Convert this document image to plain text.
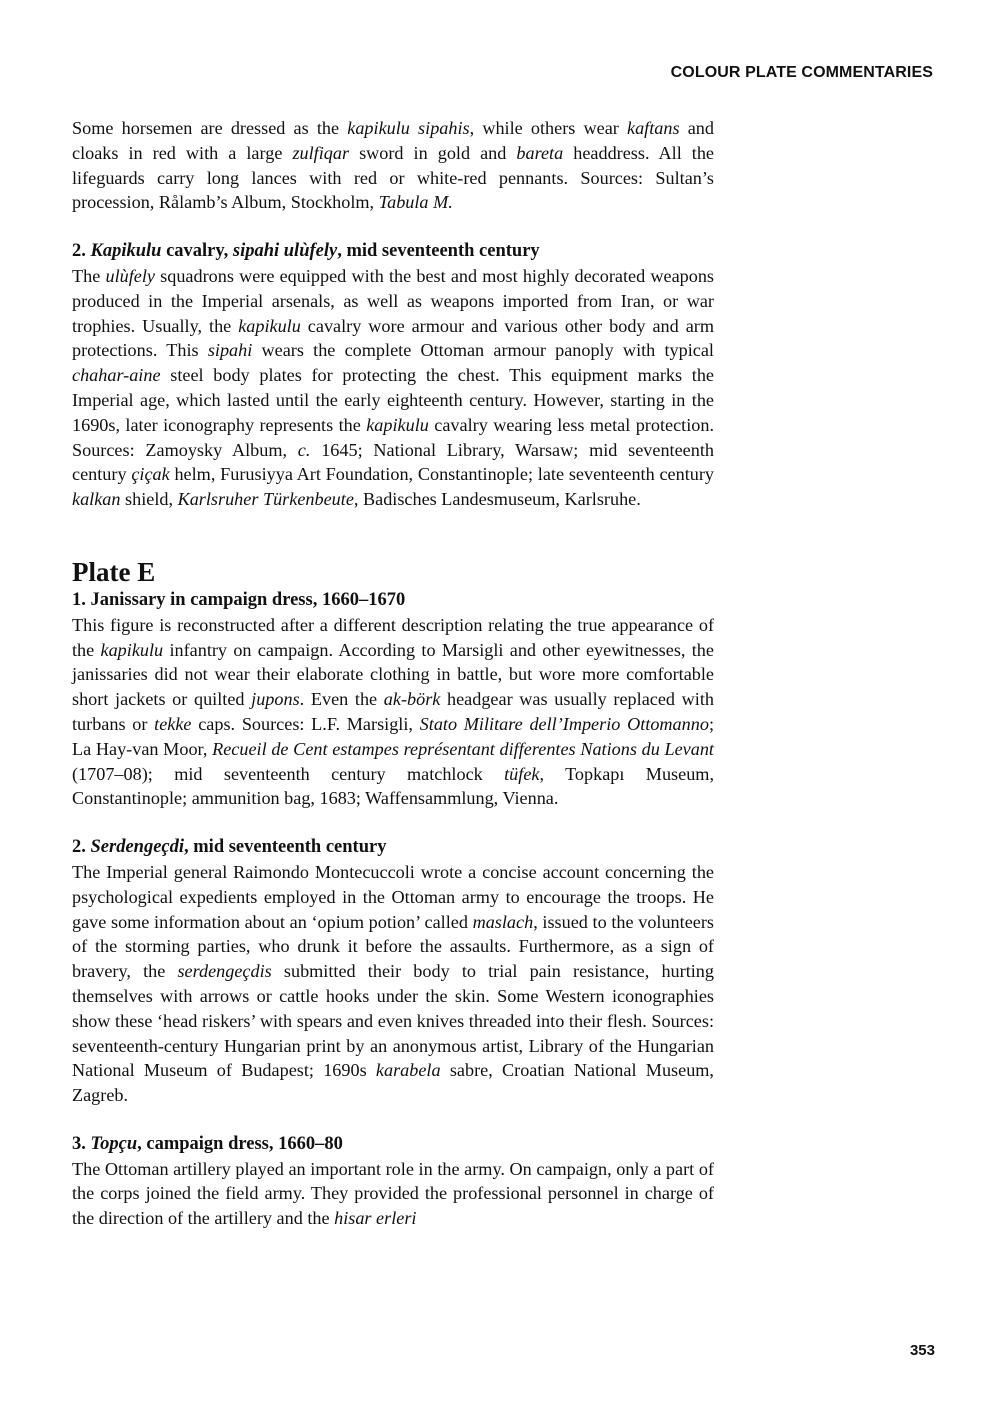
COLOUR PLATE COMMENTARIES

Some horsemen are dressed as the kapikulu sipahis, while others wear kaftans and cloaks in red with a large zulfiqar sword in gold and bareta headdress. All the lifeguards carry long lances with red or white-red pennants. Sources: Sultan’s procession, Rålamb’s Album, Stockholm, Tabula M.

2. Kapikulu cavalry, sipahi ulùfely, mid seventeenth century

The ulùfely squadrons were equipped with the best and most highly decorated weapons produced in the Imperial arsenals, as well as weapons imported from Iran, or war trophies. Usually, the kapikulu cavalry wore armour and various other body and arm protections. This sipahi wears the complete Ottoman armour panoply with typical chahar-aine steel body plates for protecting the chest. This equipment marks the Imperial age, which lasted until the early eighteenth century. However, starting in the 1690s, later iconography represents the kapikulu cavalry wearing less metal protection. Sources: Zamoysky Album, c. 1645; National Library, Warsaw; mid seventeenth century çiçak helm, Furusiyya Art Foundation, Constantinople; late seventeenth century kalkan shield, Karlsruher Türkenbeute, Badisches Landesmuseum, Karlsruhe.

Plate E

1. Janissary in campaign dress, 1660–1670

This figure is reconstructed after a different description relating the true appearance of the kapikulu infantry on campaign. According to Marsigli and other eyewitnesses, the janissaries did not wear their elaborate clothing in battle, but wore more comfortable short jackets or quilted jupons. Even the ak-börk headgear was usually replaced with turbans or tekke caps. Sources: L.F. Marsigli, Stato Militare dell’Imperio Ottomanno; La Hay-van Moor, Recueil de Cent estampes représentant differentes Nations du Levant (1707–08); mid seventeenth century matchlock tüfek, Topkapı Museum, Constantinople; ammunition bag, 1683; Waffensammlung, Vienna.

2. Serdengeçdi, mid seventeenth century

The Imperial general Raimondo Montecuccoli wrote a concise account concerning the psychological expedients employed in the Ottoman army to encourage the troops. He gave some information about an ‘opium potion’ called maslach, issued to the volunteers of the storming parties, who drunk it before the assaults. Furthermore, as a sign of bravery, the serdengeçdis submitted their body to trial pain resistance, hurting themselves with arrows or cattle hooks under the skin. Some Western iconographies show these ‘head riskers’ with spears and even knives threaded into their flesh. Sources: seventeenth-century Hungarian print by an anonymous artist, Library of the Hungarian National Museum of Budapest; 1690s karabela sabre, Croatian National Museum, Zagreb.

3. Topçu, campaign dress, 1660–80

The Ottoman artillery played an important role in the army. On campaign, only a part of the corps joined the field army. They provided the professional personnel in charge of the direction of the artillery and the hisar erleri

353
